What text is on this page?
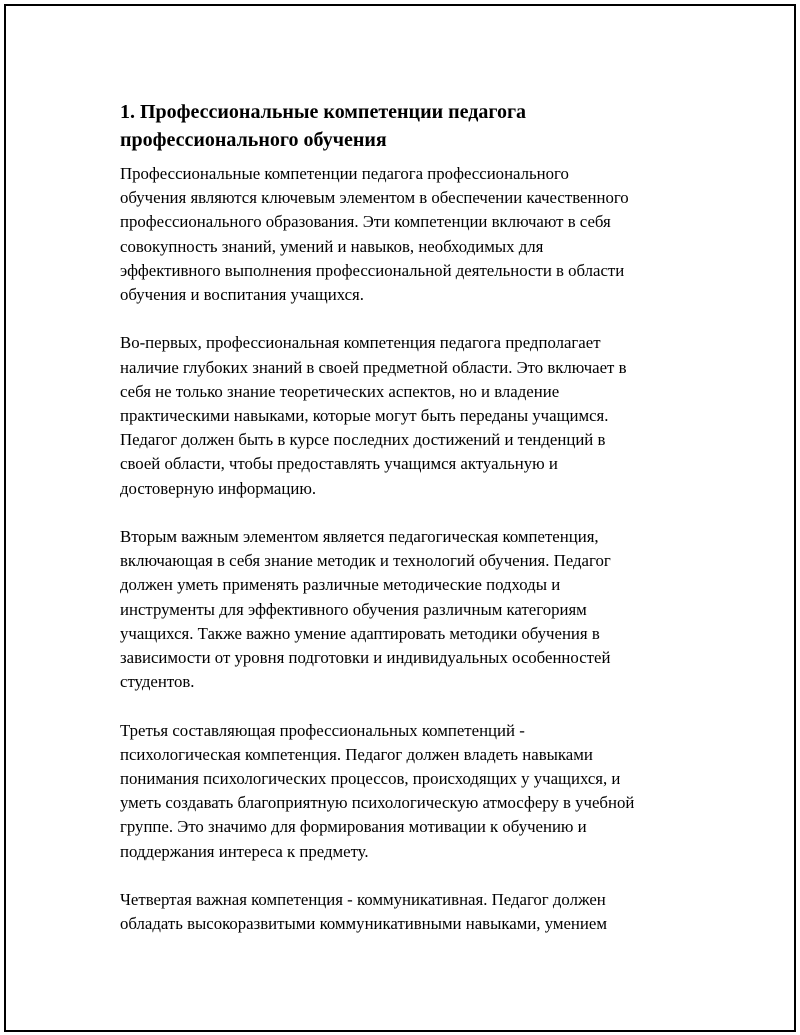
1. Профессиональные компетенции педагога
профессионального обучения
Профессиональные компетенции педагога профессионального
обучения являются ключевым элементом в обеспечении качественного
профессионального образования. Эти компетенции включают в себя
совокупность знаний, умений и навыков, необходимых для
эффективного выполнения профессиональной деятельности в области
обучения и воспитания учащихся.
Во-первых, профессиональная компетенция педагога предполагает
наличие глубоких знаний в своей предметной области. Это включает в
себя не только знание теоретических аспектов, но и владение
практическими навыками, которые могут быть переданы учащимся.
Педагог должен быть в курсе последних достижений и тенденций в
своей области, чтобы предоставлять учащимся актуальную и
достоверную информацию.
Вторым важным элементом является педагогическая компетенция,
включающая в себя знание методик и технологий обучения. Педагог
должен уметь применять различные методические подходы и
инструменты для эффективного обучения различным категориям
учащихся. Также важно умение адаптировать методики обучения в
зависимости от уровня подготовки и индивидуальных особенностей
студентов.
Третья составляющая профессиональных компетенций -
психологическая компетенция. Педагог должен владеть навыками
понимания психологических процессов, происходящих у учащихся, и
уметь создавать благоприятную психологическую атмосферу в учебной
группе. Это значимо для формирования мотивации к обучению и
поддержания интереса к предмету.
Четвертая важная компетенция - коммуникативная. Педагог должен
обладать высокоразвитыми коммуникативными навыками, умением
